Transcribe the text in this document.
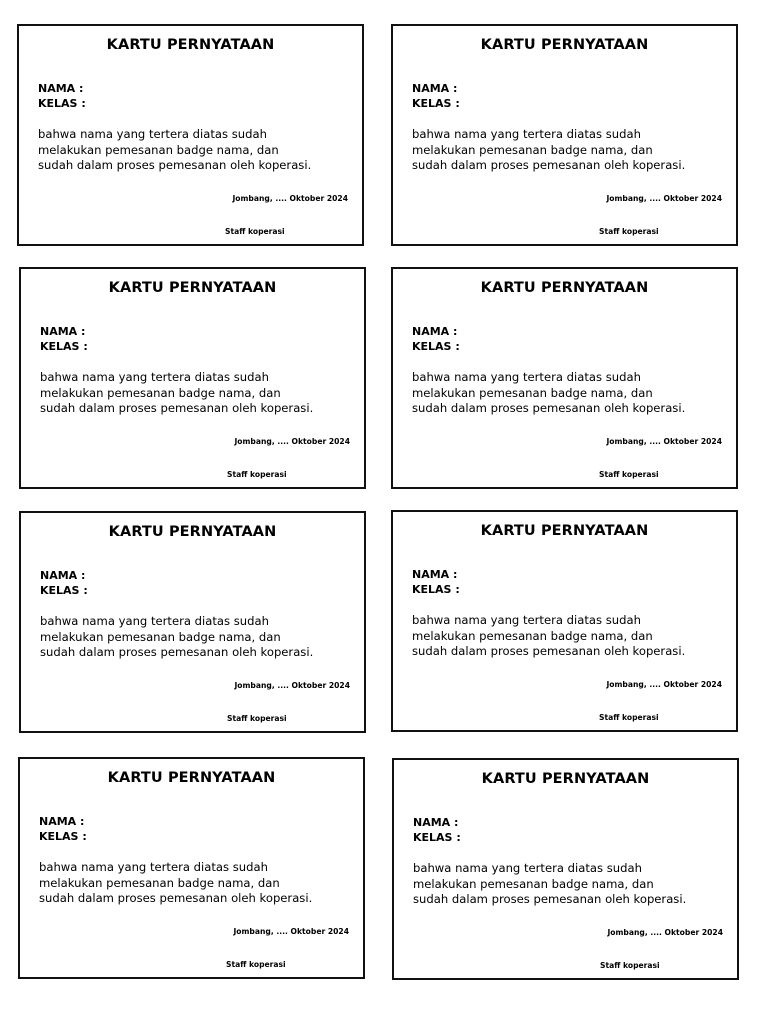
KARTU PERNYATAAN
NAMA :
KELAS :
bahwa nama yang tertera diatas sudah
melakukan pemesanan badge nama, dan
sudah dalam proses pemesanan oleh koperasi.
Jombang, .... Oktober 2024
Staff koperasi
KARTU PERNYATAAN
NAMA :
KELAS :
bahwa nama yang tertera diatas sudah
melakukan pemesanan badge nama, dan
sudah dalam proses pemesanan oleh koperasi.
Jombang, .... Oktober 2024
Staff koperasi
KARTU PERNYATAAN
NAMA :
KELAS :
bahwa nama yang tertera diatas sudah
melakukan pemesanan badge nama, dan
sudah dalam proses pemesanan oleh koperasi.
Jombang, .... Oktober 2024
Staff koperasi
KARTU PERNYATAAN
NAMA :
KELAS :
bahwa nama yang tertera diatas sudah
melakukan pemesanan badge nama, dan
sudah dalam proses pemesanan oleh koperasi.
Jombang, .... Oktober 2024
Staff koperasi
KARTU PERNYATAAN
NAMA :
KELAS :
bahwa nama yang tertera diatas sudah
melakukan pemesanan badge nama, dan
sudah dalam proses pemesanan oleh koperasi.
Jombang, .... Oktober 2024
Staff koperasi
KARTU PERNYATAAN
NAMA :
KELAS :
bahwa nama yang tertera diatas sudah
melakukan pemesanan badge nama, dan
sudah dalam proses pemesanan oleh koperasi.
Jombang, .... Oktober 2024
Staff koperasi
KARTU PERNYATAAN
NAMA :
KELAS :
bahwa nama yang tertera diatas sudah
melakukan pemesanan badge nama, dan
sudah dalam proses pemesanan oleh koperasi.
Jombang, .... Oktober 2024
Staff koperasi
KARTU PERNYATAAN
NAMA :
KELAS :
bahwa nama yang tertera diatas sudah
melakukan pemesanan badge nama, dan
sudah dalam proses pemesanan oleh koperasi.
Jombang, .... Oktober 2024
Staff koperasi
